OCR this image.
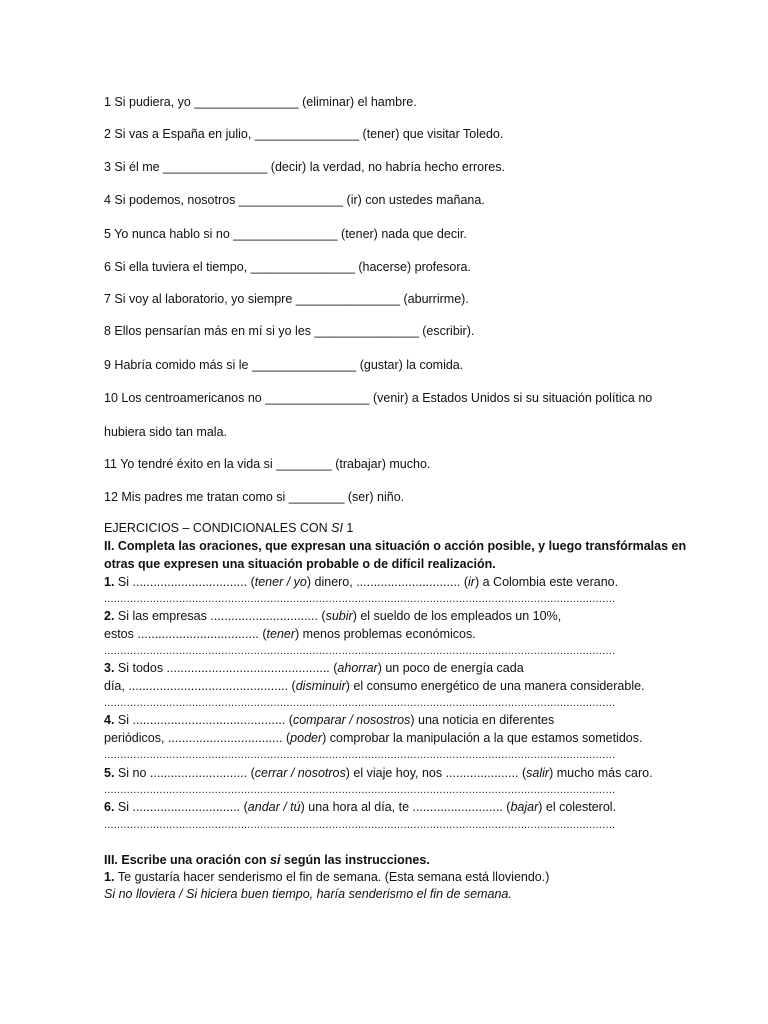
1 Si pudiera, yo _______________ (eliminar) el hambre.
2 Si vas a España en julio, _______________ (tener) que visitar Toledo.
3 Si él me _______________ (decir) la verdad, no habría hecho errores.
4 Si podemos, nosotros _______________ (ir) con ustedes mañana.
5 Yo nunca hablo si no _______________ (tener) nada que decir.
6 Si ella tuviera el tiempo, _______________ (hacerse) profesora.
7 Si voy al laboratorio, yo siempre _______________ (aburrirme).
8 Ellos pensarían más en mí si yo les _______________ (escribir).
9 Habría comido más si le _______________ (gustar) la comida.
10 Los centroamericanos no _______________ (venir) a Estados Unidos si su situación política no
hubiera sido tan mala.
11 Yo tendré éxito en la vida si ________ (trabajar) mucho.
12 Mis padres me tratan como si ________ (ser) niño.
EJERCICIOS – CONDICIONALES CON SI 1
II. Completa las oraciones, que expresan una situación o acción posible, y luego transfórmalas en
otras que expresen una situación probable o de difícil realización.
1. Si ................................. (tener / yo) dinero, .............................. (ir) a Colombia este verano.
.............................................................................................................................................................
2. Si las empresas ............................... (subir) el sueldo de los empleados un 10%,
estos ................................... (tener) menos problemas económicos.
.............................................................................................................................................................
3. Si todos ............................................... (ahorrar) un poco de energía cada
día, .............................................. (disminuir) el consumo energético de una manera considerable.
.............................................................................................................................................................
4. Si ............................................ (comparar / nosostros) una noticia en diferentes
periódicos, ................................. (poder) comprobar la manipulación a la que estamos sometidos.
.............................................................................................................................................................
5. Si no ............................ (cerrar / nosotros) el viaje hoy, nos ..................... (salir) mucho más caro.
.............................................................................................................................................................
6. Si ............................... (andar / tú) una hora al día, te .......................... (bajar) el colesterol.
.............................................................................................................................................................
III. Escribe una oración con si según las instrucciones.
1. Te gustaría hacer senderismo el fin de semana. (Esta semana está lloviendo.)
Si no lloviera / Si hiciera buen tiempo, haría senderismo el fin de semana.
